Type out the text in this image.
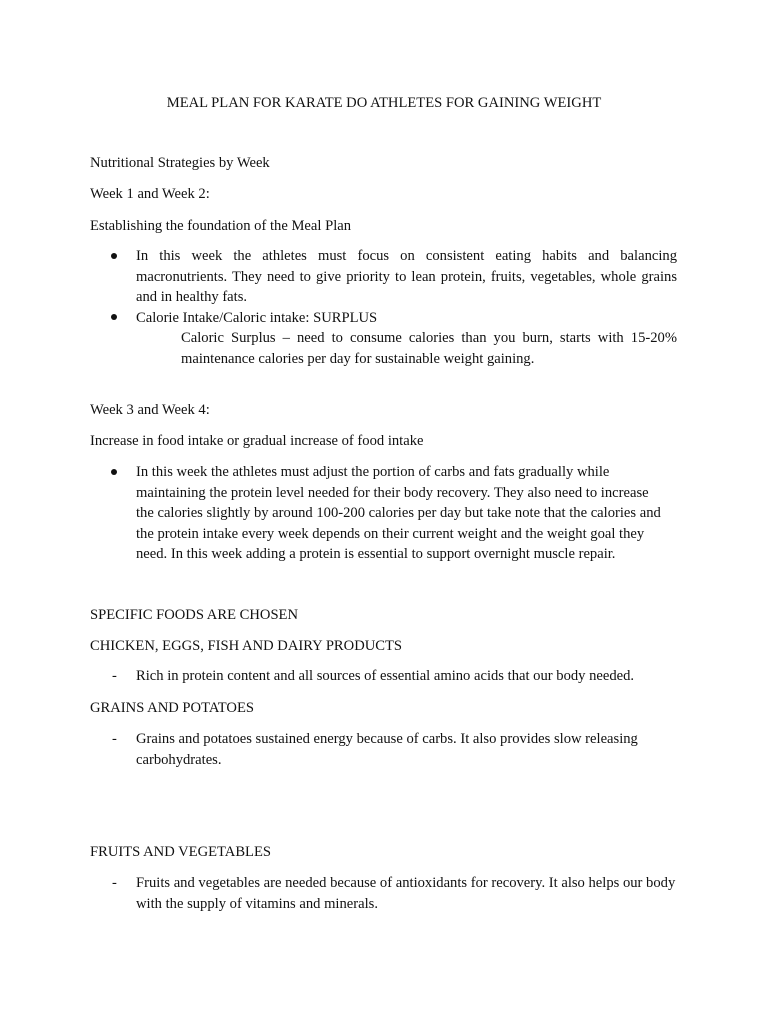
MEAL PLAN FOR KARATE DO ATHLETES FOR GAINING WEIGHT

Nutritional Strategies by Week

Week 1 and Week 2:

Establishing the foundation of the Meal Plan

In this week the athletes must focus on consistent eating habits and balancing macronutrients. They need to give priority to lean protein, fruits, vegetables, whole grains and in healthy fats.

Calorie Intake/Caloric intake: SURPLUS

Caloric Surplus – need to consume calories than you burn, starts with 15-20% maintenance calories per day for sustainable weight gaining.

Week 3 and Week 4:

Increase in food intake or gradual increase of food intake

In this week the athletes must adjust the portion of carbs and fats gradually while
maintaining the protein level needed for their body recovery. They also need to increase
the calories slightly by around 100-200 calories per day but take note that the calories and
the protein intake every week depends on their current weight and the weight goal they
need. In this week adding a protein is essential to support overnight muscle repair.

SPECIFIC FOODS ARE CHOSEN

CHICKEN, EGGS, FISH AND DAIRY PRODUCTS

- Rich in protein content and all sources of essential amino acids that our body needed.

GRAINS AND POTATOES

- Grains and potatoes sustained energy because of carbs. It also provides slow releasing carbohydrates.

FRUITS AND VEGETABLES

- Fruits and vegetables are needed because of antioxidants for recovery. It also helps our body with the supply of vitamins and minerals.
